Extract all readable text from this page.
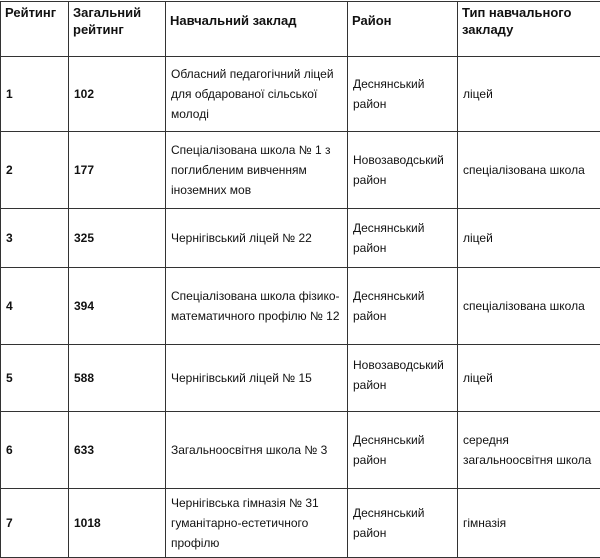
Рейтинг	Загальний рейтинг	Навчальний заклад	Район	Тип навчального закладу
1	102	Обласний педагогічний ліцей для обдарованої сільської молоді	Деснянський район	ліцей
2	177	Спеціалізована школа № 1 з поглибленим вивченням іноземних мов	Новозаводський район	спеціалізована школа
3	325	Чернігівський ліцей № 22	Деснянський район	ліцей
4	394	Спеціалізована школа фізико-математичного профілю № 12	Деснянський район	спеціалізована школа
5	588	Чернігівський ліцей № 15	Новозаводський район	ліцей
6	633	Загальноосвітня школа № 3	Деснянський район	середня загальноосвітня школа
7	1018	Чернігівська гімназія № 31 гуманітарно-естетичного профілю	Деснянський район	гімназія
